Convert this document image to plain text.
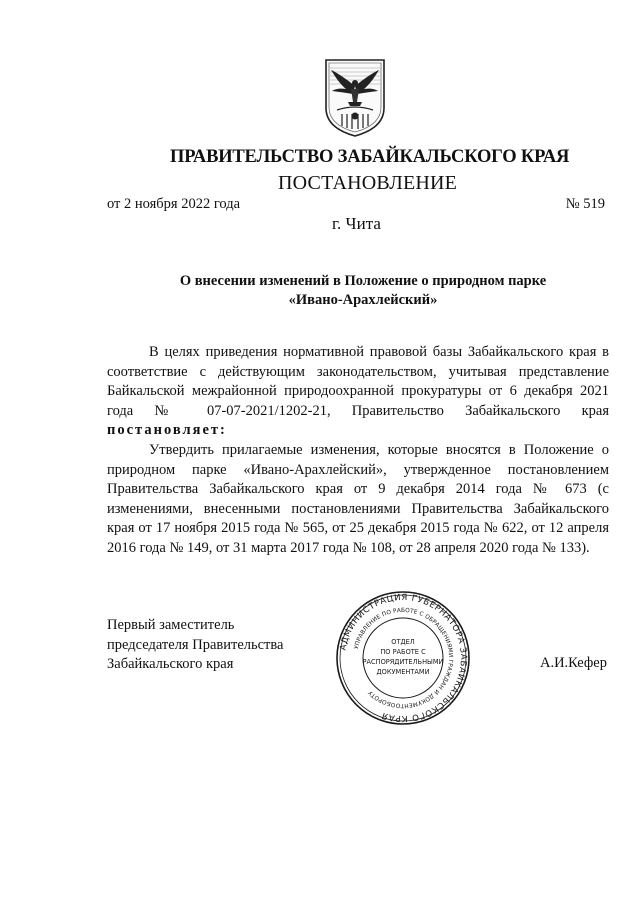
ПРАВИТЕЛЬСТВО ЗАБАЙКАЛЬСКОГО КРАЯ
ПОСТАНОВЛЕНИЕ
от 2 ноября 2022 года	№ 519
г. Чита
О внесении изменений в Положение о природном парке
«Ивано-Арахлейский»
В целях приведения нормативной правовой базы Забайкальского края в соответствие с действующим законодательством, учитывая представление Байкальской межрайонной природоохранной прокуратуры от 6 декабря 2021 года № 07-07-2021/1202-21, Правительство Забайкальского края постановляет:
Утвердить прилагаемые изменения, которые вносятся в Положение о природном парке «Ивано-Арахлейский», утвержденное постановлением Правительства Забайкальского края от 9 декабря 2014 года № 673 (с изменениями, внесенными постановлениями Правительства Забайкальского края от 17 ноября 2015 года № 565, от 25 декабря 2015 года № 622, от 12 апреля 2016 года № 149, от 31 марта 2017 года № 108, от 28 апреля 2020 года № 133).
Первый заместитель
председателя Правительства
Забайкальского края	А.И.Кефер
АДМИНИСТРАЦИЯ ГУБЕРНАТОРА ЗАБАЙКАЛЬСКОГО КРАЯ
УПРАВЛЕНИЕ ПО РАБОТЕ С ОБРАЩЕНИЯМИ ГРАЖДАН И ДОКУМЕНТООБОРОТУ
ОТДЕЛ
ПО РАБОТЕ С
РАСПОРЯДИТЕЛЬНЫМИ
ДОКУМЕНТАМИ
